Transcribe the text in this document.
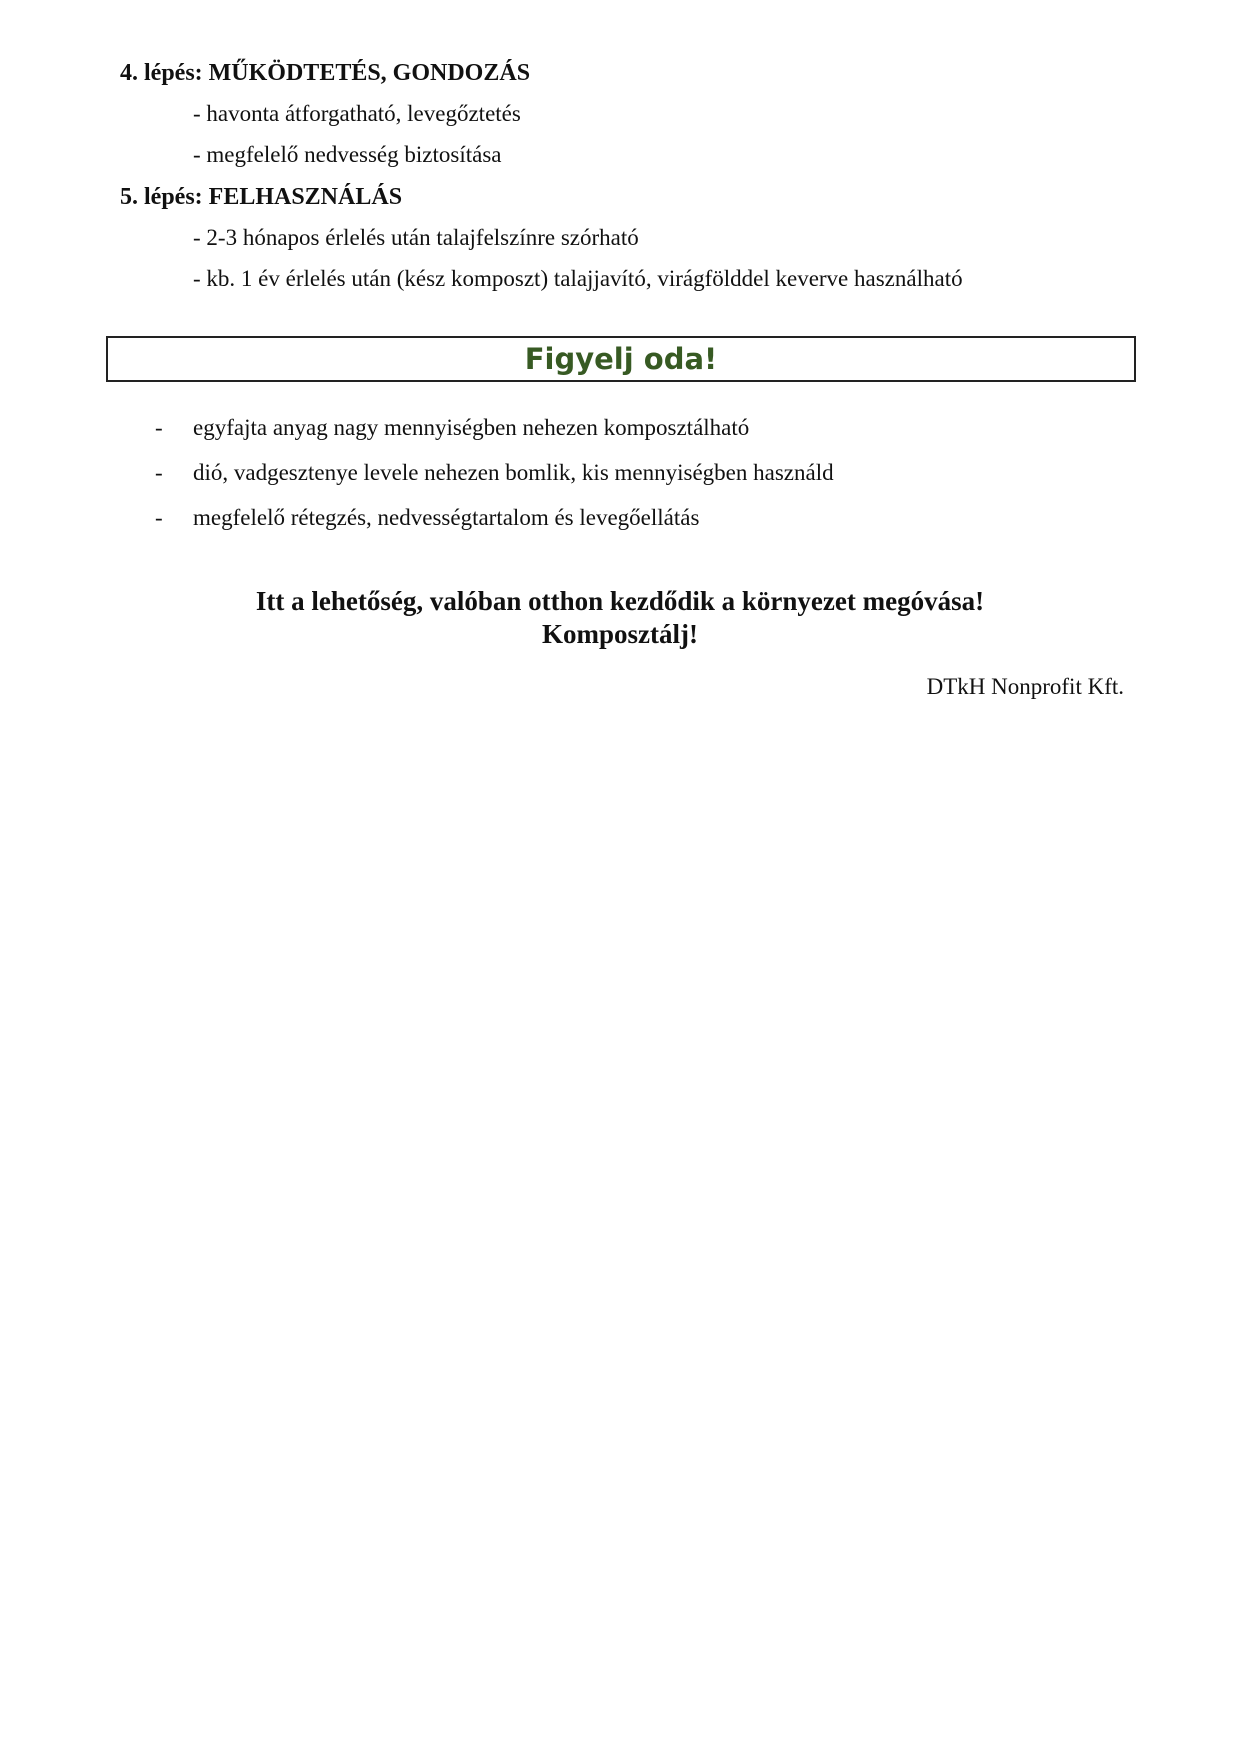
4. lépés: MŰKÖDTETÉS, GONDOZÁS

- havonta átforgatható, levegőztetés

- megfelelő nedvesség biztosítása

5. lépés: FELHASZNÁLÁS

- 2-3 hónapos érlelés után talajfelszínre szórható

- kb. 1 év érlelés után (kész komposzt) talajjavító, virágfölddel keverve használható

Figyelj oda!

- egyfajta anyag nagy mennyiségben nehezen komposztálható

- dió, vadgesztenye levele nehezen bomlik, kis mennyiségben használd

- megfelelő rétegzés, nedvességtartalom és levegőellátás

Itt a lehetőség, valóban otthon kezdődik a környezet megóvása!

Komposztálj!

DTkH Nonprofit Kft.
